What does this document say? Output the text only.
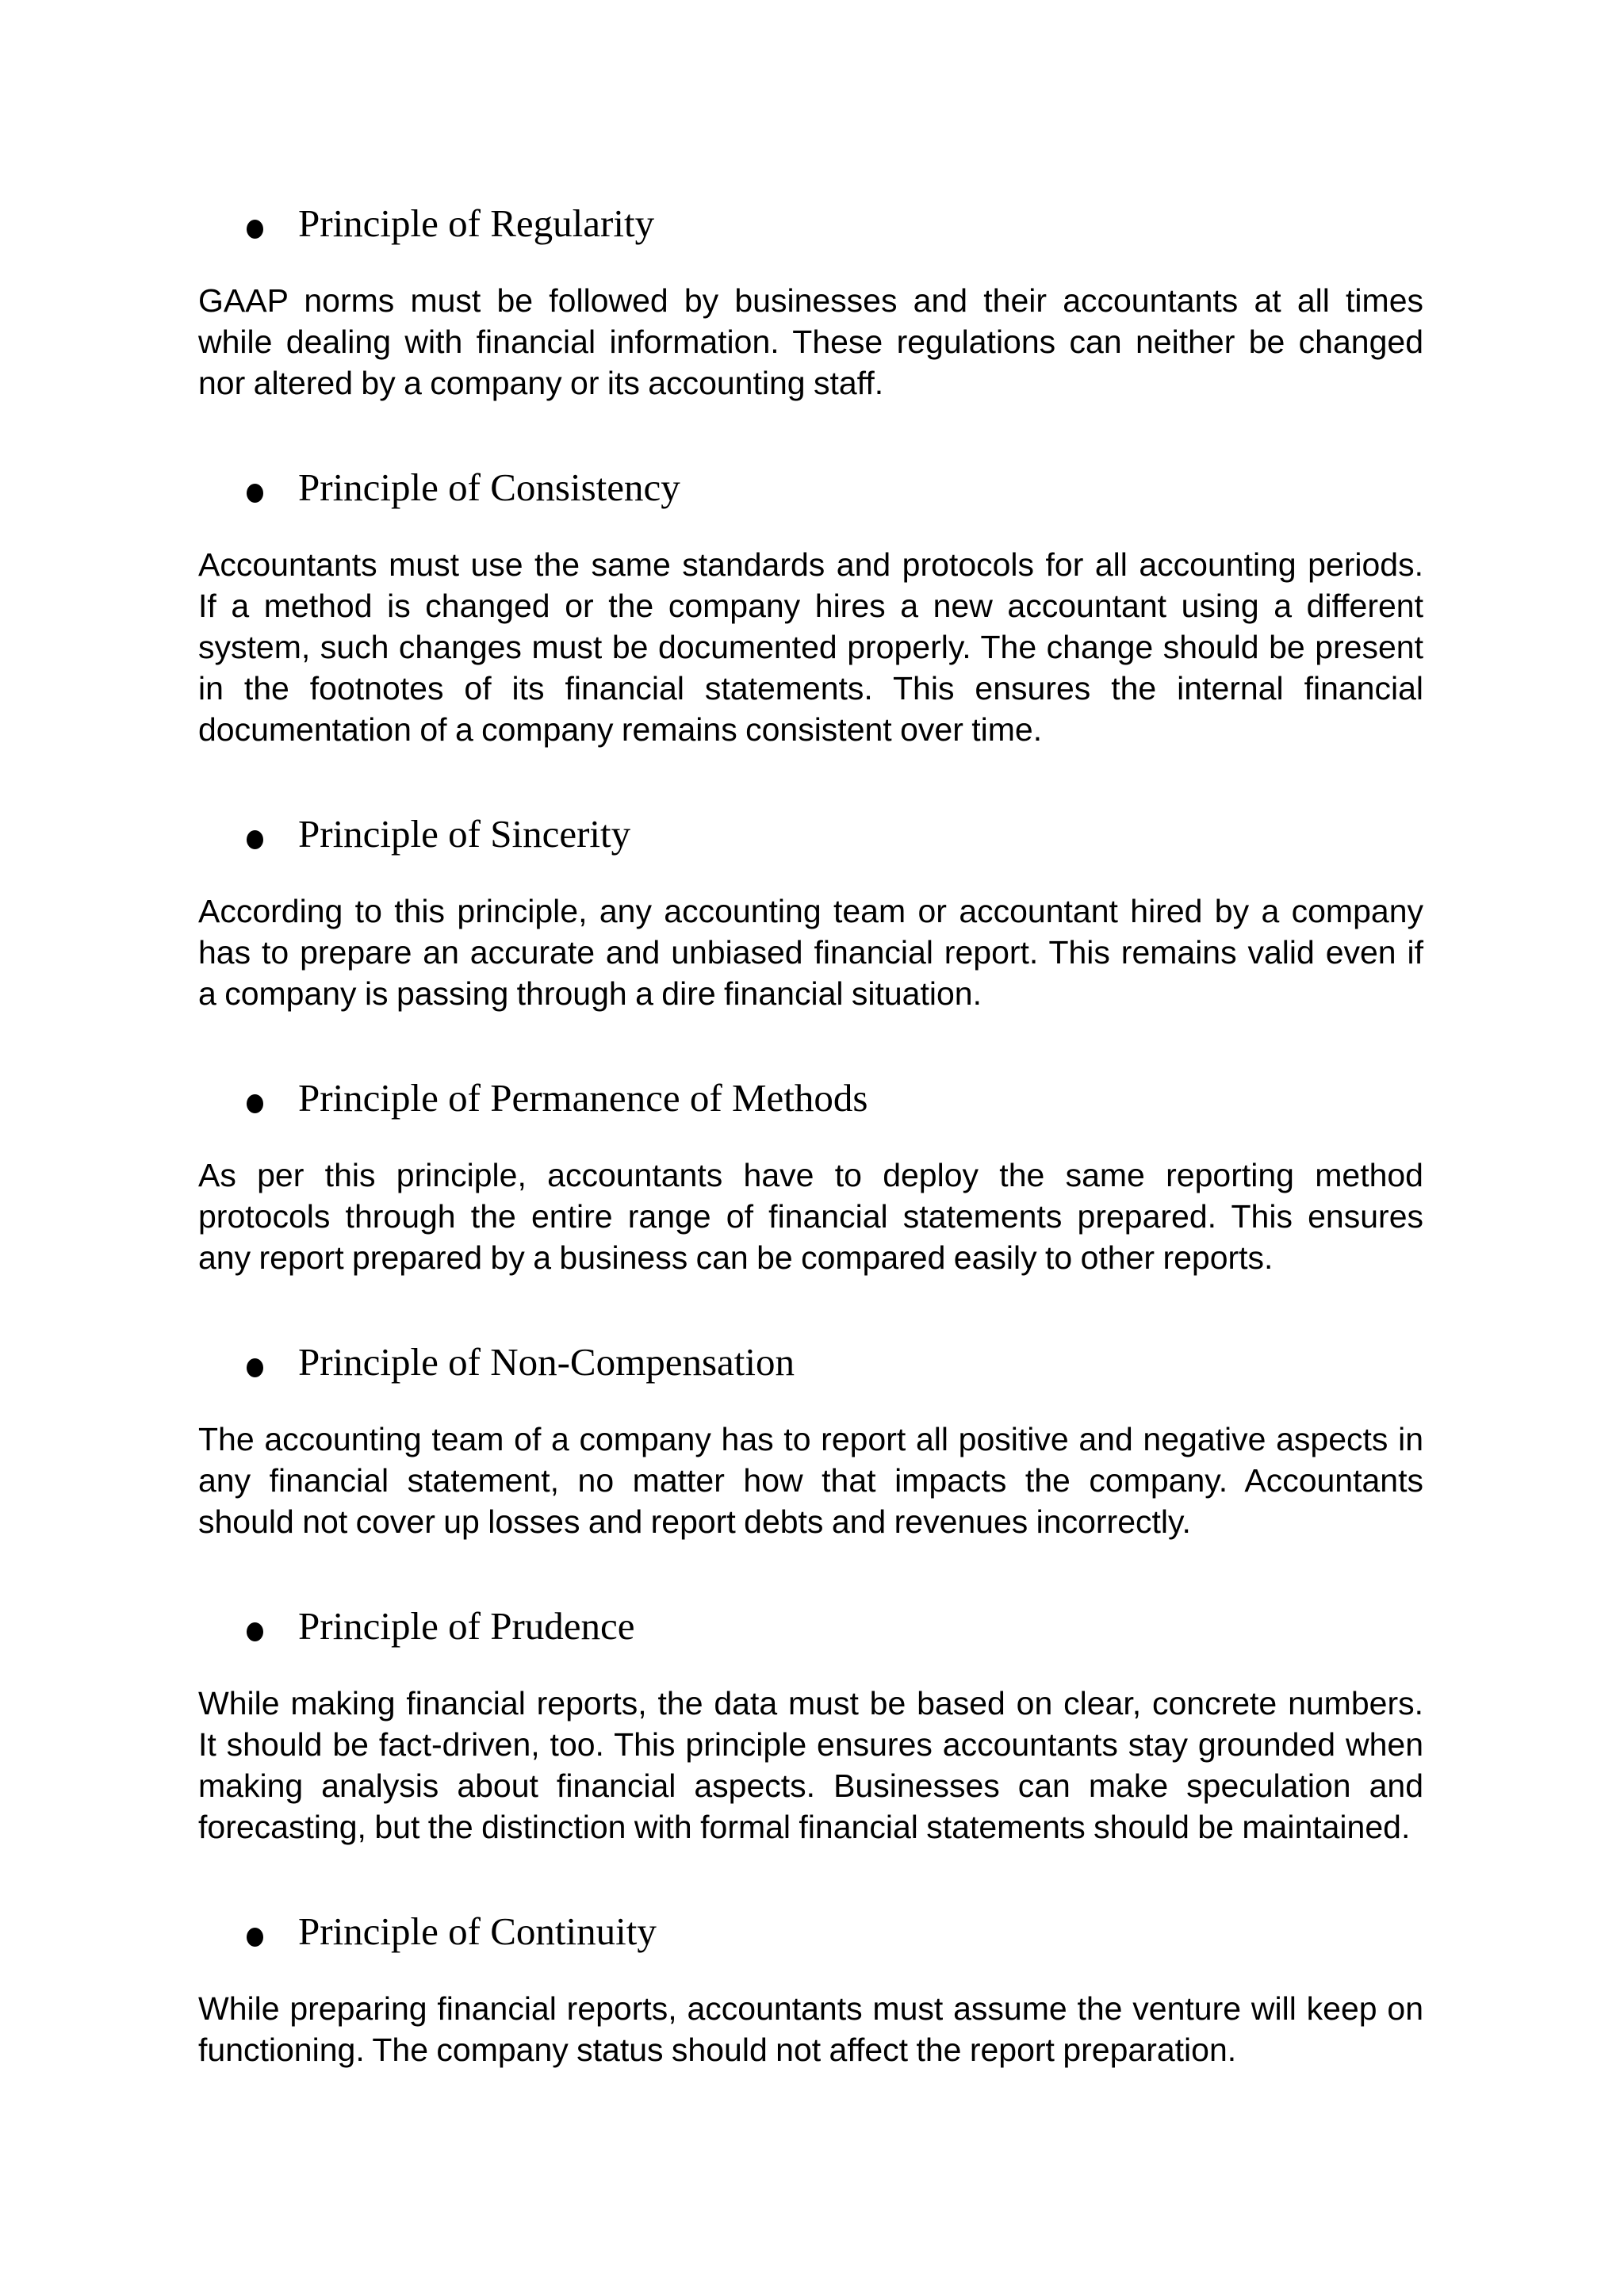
Principle of Regularity
GAAP norms must be followed by businesses and their accountants at all times
while dealing with financial information. These regulations can neither be changed
nor altered by a company or its accounting staff.
Principle of Consistency
Accountants must use the same standards and protocols for all accounting periods.
If a method is changed or the company hires a new accountant using a different
system, such changes must be documented properly. The change should be present
in the footnotes of its financial statements. This ensures the internal financial
documentation of a company remains consistent over time.
Principle of Sincerity
According to this principle, any accounting team or accountant hired by a company
has to prepare an accurate and unbiased financial report. This remains valid even if
a company is passing through a dire financial situation.
Principle of Permanence of Methods
As per this principle, accountants have to deploy the same reporting method
protocols through the entire range of financial statements prepared. This ensures
any report prepared by a business can be compared easily to other reports.
Principle of Non-Compensation
The accounting team of a company has to report all positive and negative aspects in
any financial statement, no matter how that impacts the company. Accountants
should not cover up losses and report debts and revenues incorrectly.
Principle of Prudence
While making financial reports, the data must be based on clear, concrete numbers.
It should be fact-driven, too. This principle ensures accountants stay grounded when
making analysis about financial aspects. Businesses can make speculation and
forecasting, but the distinction with formal financial statements should be maintained.
Principle of Continuity
While preparing financial reports, accountants must assume the venture will keep on
functioning. The company status should not affect the report preparation.
